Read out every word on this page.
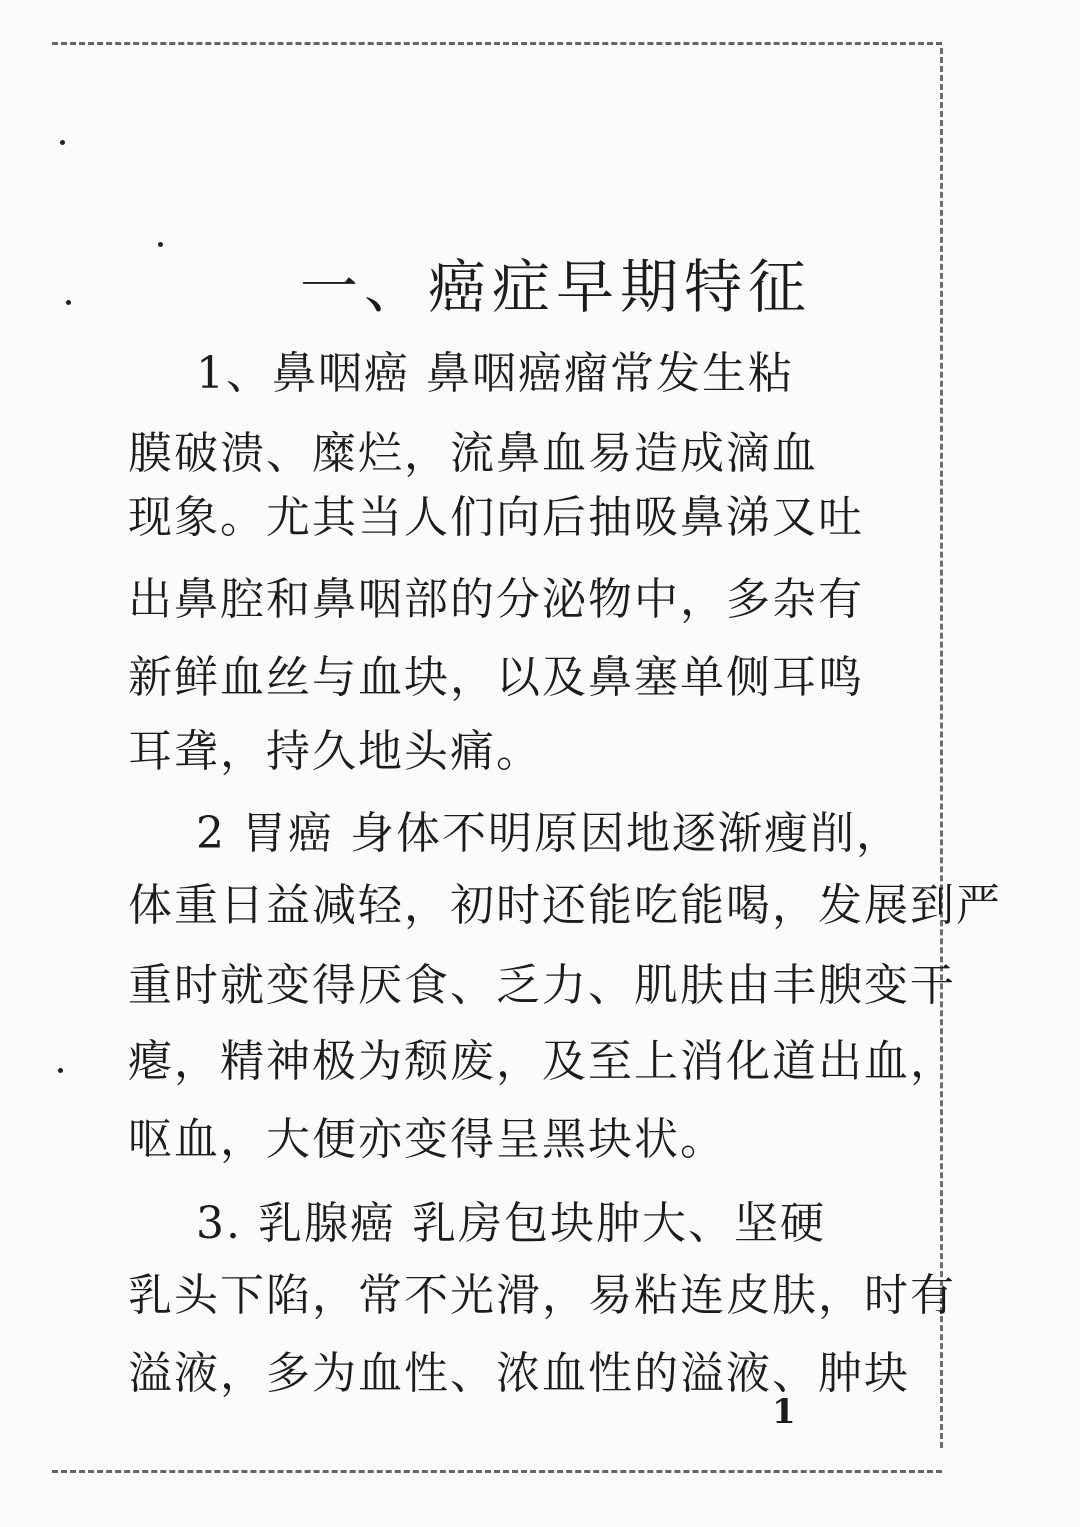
一、癌症早期特征
1、鼻咽癌 鼻咽癌瘤常发生粘
膜破溃、糜烂，流鼻血易造成滴血
现象。尤其当人们向后抽吸鼻涕又吐
出鼻腔和鼻咽部的分泌物中，多杂有
新鲜血丝与血块，以及鼻塞单侧耳鸣
耳聋，持久地头痛。
2 胃癌 身体不明原因地逐渐瘦削，
体重日益减轻，初时还能吃能喝，发展到严
重时就变得厌食、乏力、肌肤由丰腴变干
瘪，精神极为颓废，及至上消化道出血，
呕血，大便亦变得呈黑块状。
3. 乳腺癌 乳房包块肿大、坚硬
乳头下陷，常不光滑，易粘连皮肤，时有
溢液，多为血性、浓血性的溢液、肿块
1
